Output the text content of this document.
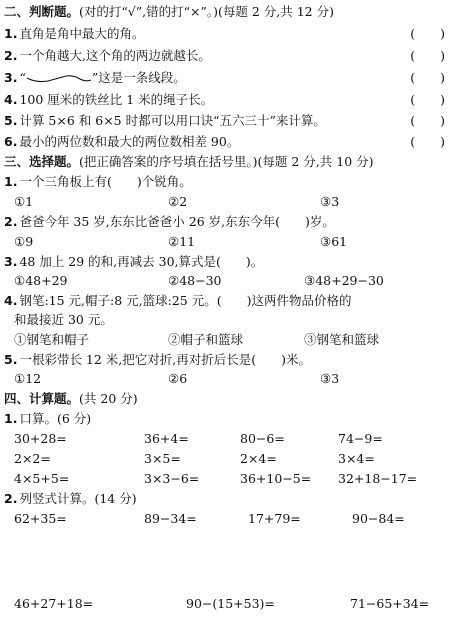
二、判断题。(对的打“√”,错的打“×”。)(每题 2 分,共 12 分)
1. 直角是角中最大的角。	(　　)
2. 一个角越大,这个角的两边就越长。	(　　)
3. “	”这是一条线段。	(　　)
4. 100 厘米的铁丝比 1 米的绳子长。	(　　)
5. 计算 5×6 和 6×5 时都可以用口诀“五六三十”来计算。	(　　)
6. 最小的两位数和最大的两位数相差 90。	(　　)
三、选择题。(把正确答案的序号填在括号里。)(每题 2 分,共 10 分)
1. 一个三角板上有(　　)个锐角。
①1	②2	③3
2. 爸爸今年 35 岁,东东比爸爸小 26 岁,东东今年(　　)岁。
①9	②11	③61
3. 48 加上 29 的和,再减去 30,算式是(　　)。
①48+29	②48−30	③48+29−30
4. 钢笔:15 元,帽子:8 元,篮球:25 元。(　　)这两件物品价格的
和最接近 30 元。
①钢笔和帽子	②帽子和篮球	③钢笔和篮球
5. 一根彩带长 12 米,把它对折,再对折后长是(　　)米。
①12	②6	③3
四、计算题。(共 20 分)
1. 口算。(6 分)
30+28=	36+4=	80−6=	74−9=
2×2=	3×5=	2×4=	3×4=
4×5+5=	3×3−6=	36+10−5= 32+18−17=
2. 列竖式计算。(14 分)
62+35=	89−34=	17+79=	90−84=
46+27+18=	90−(15+53)=	71−65+34=
